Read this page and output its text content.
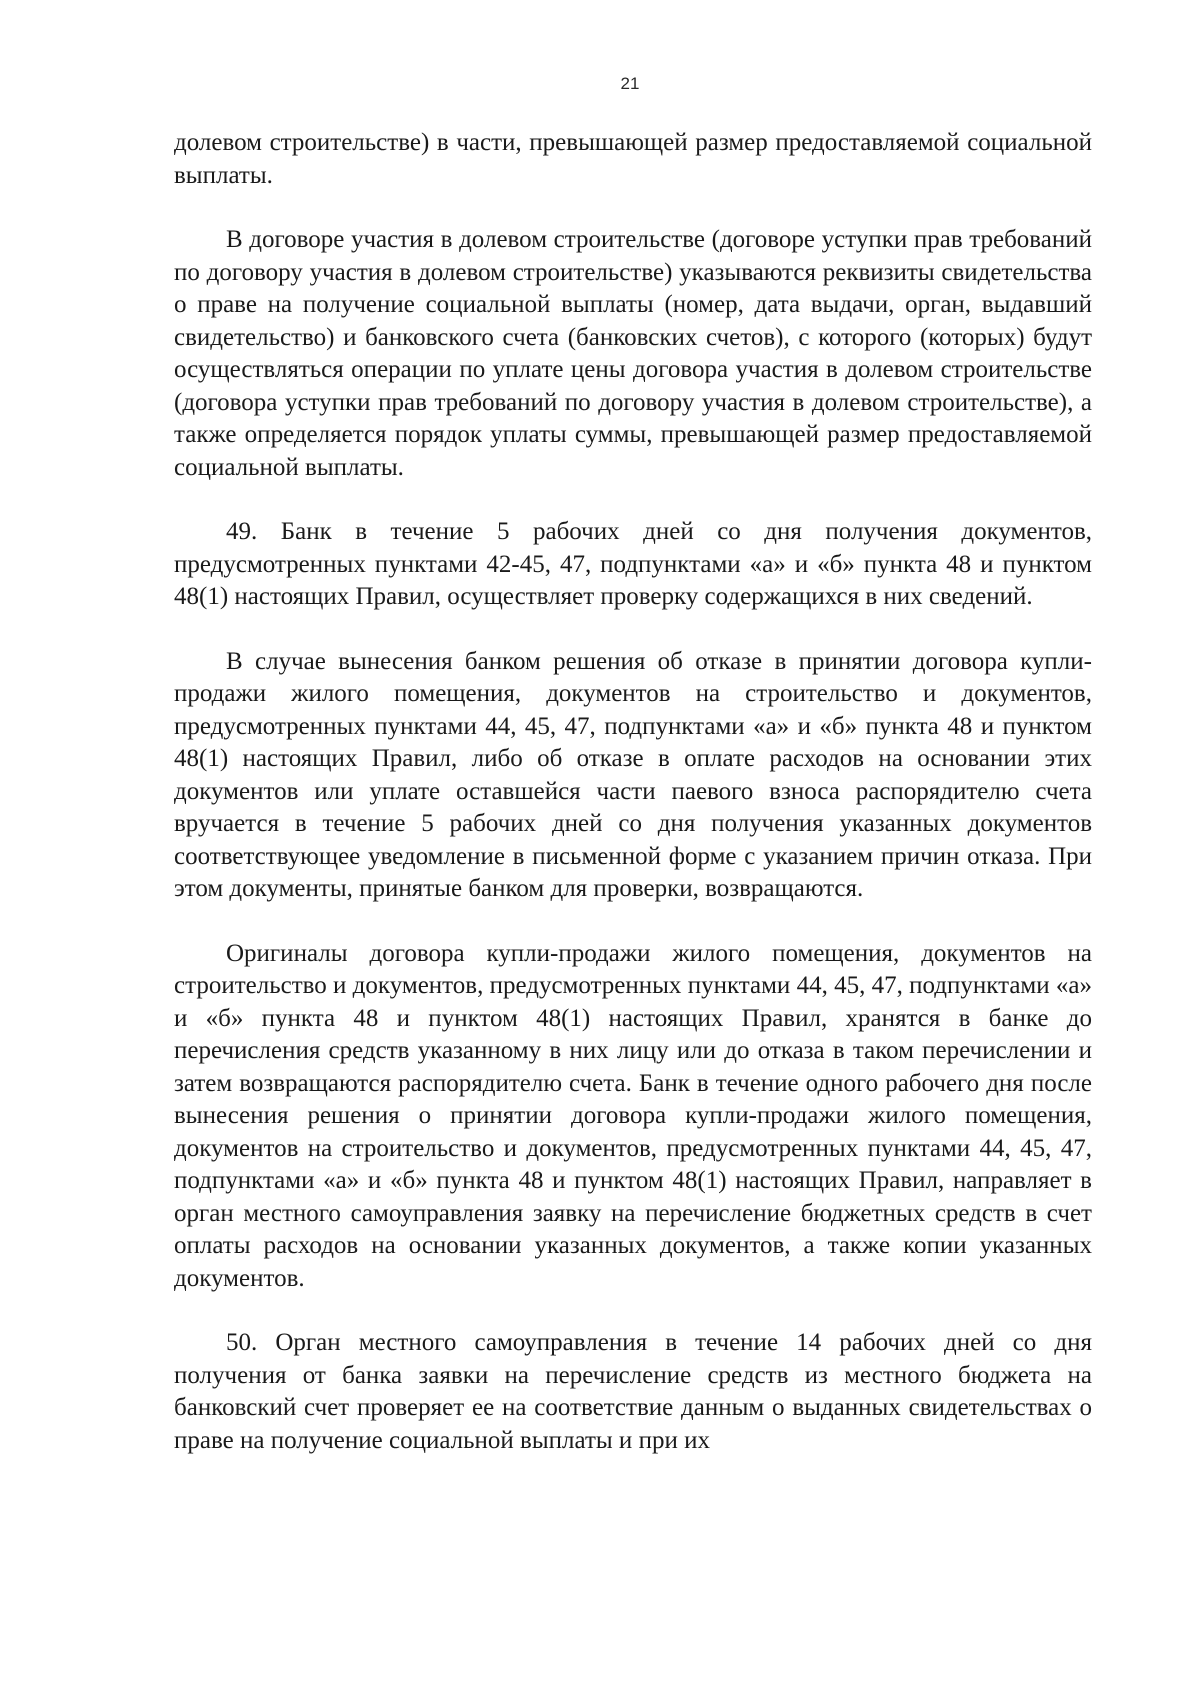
21

долевом строительстве) в части, превышающей размер предоставляемой социальной выплаты.

В договоре участия в долевом строительстве (договоре уступки прав требований по договору участия в долевом строительстве) указываются реквизиты свидетельства о праве на получение социальной выплаты (номер, дата выдачи, орган, выдавший свидетельство) и банковского счета (банковских счетов), с которого (которых) будут осуществляться операции по уплате цены договора участия в долевом строительстве (договора уступки прав требований по договору участия в долевом строительстве), а также определяется порядок уплаты суммы, превышающей размер предоставляемой социальной выплаты.

49. Банк в течение 5 рабочих дней со дня получения документов, предусмотренных пунктами 42-45, 47, подпунктами «а» и «б» пункта 48 и пунктом 48(1) настоящих Правил, осуществляет проверку содержащихся в них сведений.

В случае вынесения банком решения об отказе в принятии договора купли-продажи жилого помещения, документов на строительство и документов, предусмотренных пунктами 44, 45, 47, подпунктами «а» и «б» пункта 48 и пунктом 48(1) настоящих Правил, либо об отказе в оплате расходов на основании этих документов или уплате оставшейся части паевого взноса распорядителю счета вручается в течение 5 рабочих дней со дня получения указанных документов соответствующее уведомление в письменной форме с указанием причин отказа. При этом документы, принятые банком для проверки, возвращаются.

Оригиналы договора купли-продажи жилого помещения, документов на строительство и документов, предусмотренных пунктами 44, 45, 47, подпунктами «а» и «б» пункта 48 и пунктом 48(1) настоящих Правил, хранятся в банке до перечисления средств указанному в них лицу или до отказа в таком перечислении и затем возвращаются распорядителю счета. Банк в течение одного рабочего дня после вынесения решения о принятии договора купли-продажи жилого помещения, документов на строительство и документов, предусмотренных пунктами 44, 45, 47, подпунктами «а» и «б» пункта 48 и пунктом 48(1) настоящих Правил, направляет в орган местного самоуправления заявку на перечисление бюджетных средств в счет оплаты расходов на основании указанных документов, а также копии указанных документов.

50. Орган местного самоуправления в течение 14 рабочих дней со дня получения от банка заявки на перечисление средств из местного бюджета на банковский счет проверяет ее на соответствие данным о выданных свидетельствах о праве на получение социальной выплаты и при их
